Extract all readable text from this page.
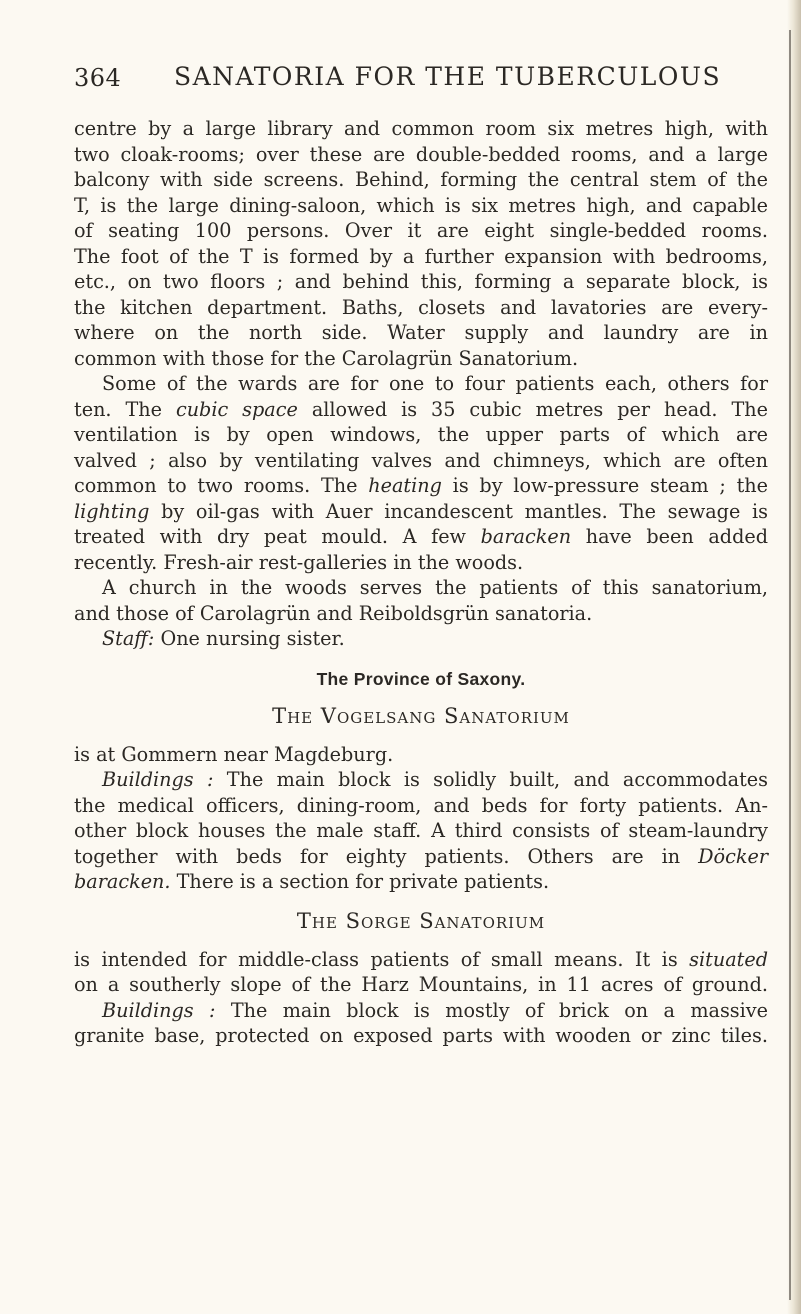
364 SANATORIA FOR THE TUBERCULOUS
centre by a large library and common room six metres high, with
two cloak-rooms; over these are double-bedded rooms, and a large
balcony with side screens. Behind, forming the central stem of the
T, is the large dining-saloon, which is six metres high, and capable
of seating 100 persons. Over it are eight single-bedded rooms.
The foot of the T is formed by a further expansion with bedrooms,
etc., on two floors ; and behind this, forming a separate block, is
the kitchen department. Baths, closets and lavatories are every-
where on the north side. Water supply and laundry are in
common with those for the Carolagrün Sanatorium.
Some of the wards are for one to four patients each, others for
ten. The cubic space allowed is 35 cubic metres per head. The
ventilation is by open windows, the upper parts of which are
valved ; also by ventilating valves and chimneys, which are often
common to two rooms. The heating is by low-pressure steam ; the
lighting by oil-gas with Auer incandescent mantles. The sewage is
treated with dry peat mould. A few baracken have been added
recently. Fresh-air rest-galleries in the woods.
A church in the woods serves the patients of this sanatorium,
and those of Carolagrün and Reiboldsgrün sanatoria.
Staff: One nursing sister.
The Province of Saxony.
The Vogelsang Sanatorium
is at Gommern near Magdeburg.
Buildings : The main block is solidly built, and accommodates
the medical officers, dining-room, and beds for forty patients. An-
other block houses the male staff. A third consists of steam-laundry
together with beds for eighty patients. Others are in Döcker
baracken. There is a section for private patients.
The Sorge Sanatorium
is intended for middle-class patients of small means. It is situated
on a southerly slope of the Harz Mountains, in 11 acres of ground.
Buildings : The main block is mostly of brick on a massive
granite base, protected on exposed parts with wooden or zinc tiles.
